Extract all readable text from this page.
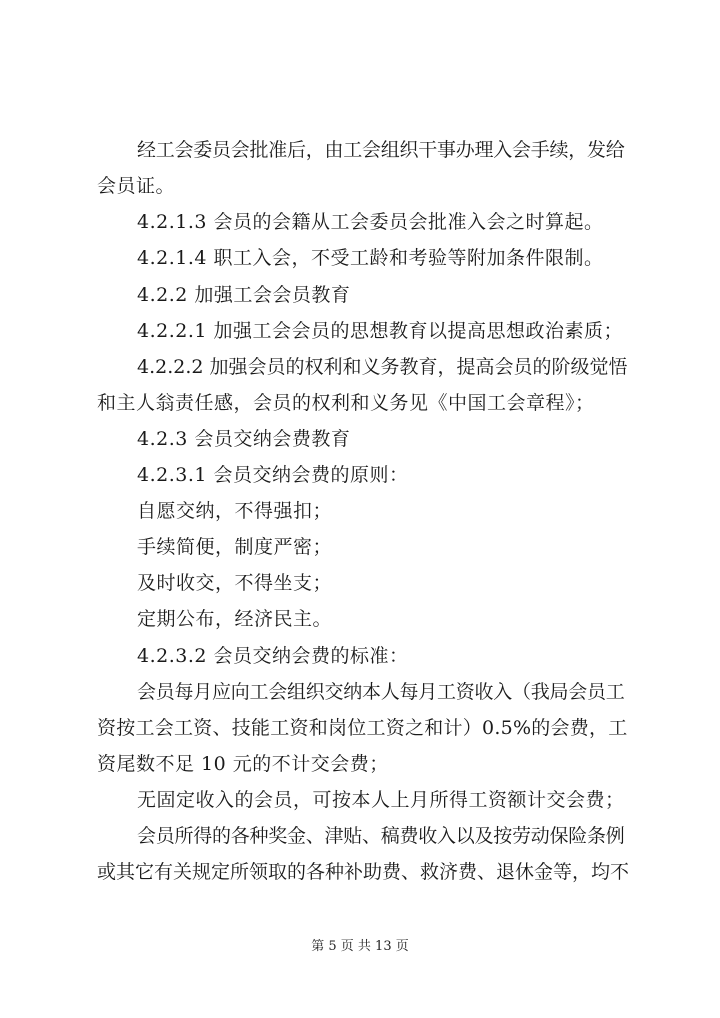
经工会委员会批准后，由工会组织干事办理入会手续，发给
会员证。
4.2.1.3 会员的会籍从工会委员会批准入会之时算起。
4.2.1.4 职工入会，不受工龄和考验等附加条件限制。
4.2.2 加强工会会员教育
4.2.2.1 加强工会会员的思想教育以提高思想政治素质；
4.2.2.2 加强会员的权利和义务教育，提高会员的阶级觉悟
和主人翁责任感，会员的权利和义务见《中国工会章程》；
4.2.3 会员交纳会费教育
4.2.3.1 会员交纳会费的原则：
自愿交纳，不得强扣；
手续简便，制度严密；
及时收交，不得坐支；
定期公布，经济民主。
4.2.3.2 会员交纳会费的标准：
会员每月应向工会组织交纳本人每月工资收入（我局会员工
资按工会工资、技能工资和岗位工资之和计）0.5%的会费，工
资尾数不足 10 元的不计交会费；
无固定收入的会员，可按本人上月所得工资额计交会费；
会员所得的各种奖金、津贴、稿费收入以及按劳动保险条例
或其它有关规定所领取的各种补助费、救济费、退休金等，均不
第 5 页 共 13 页
